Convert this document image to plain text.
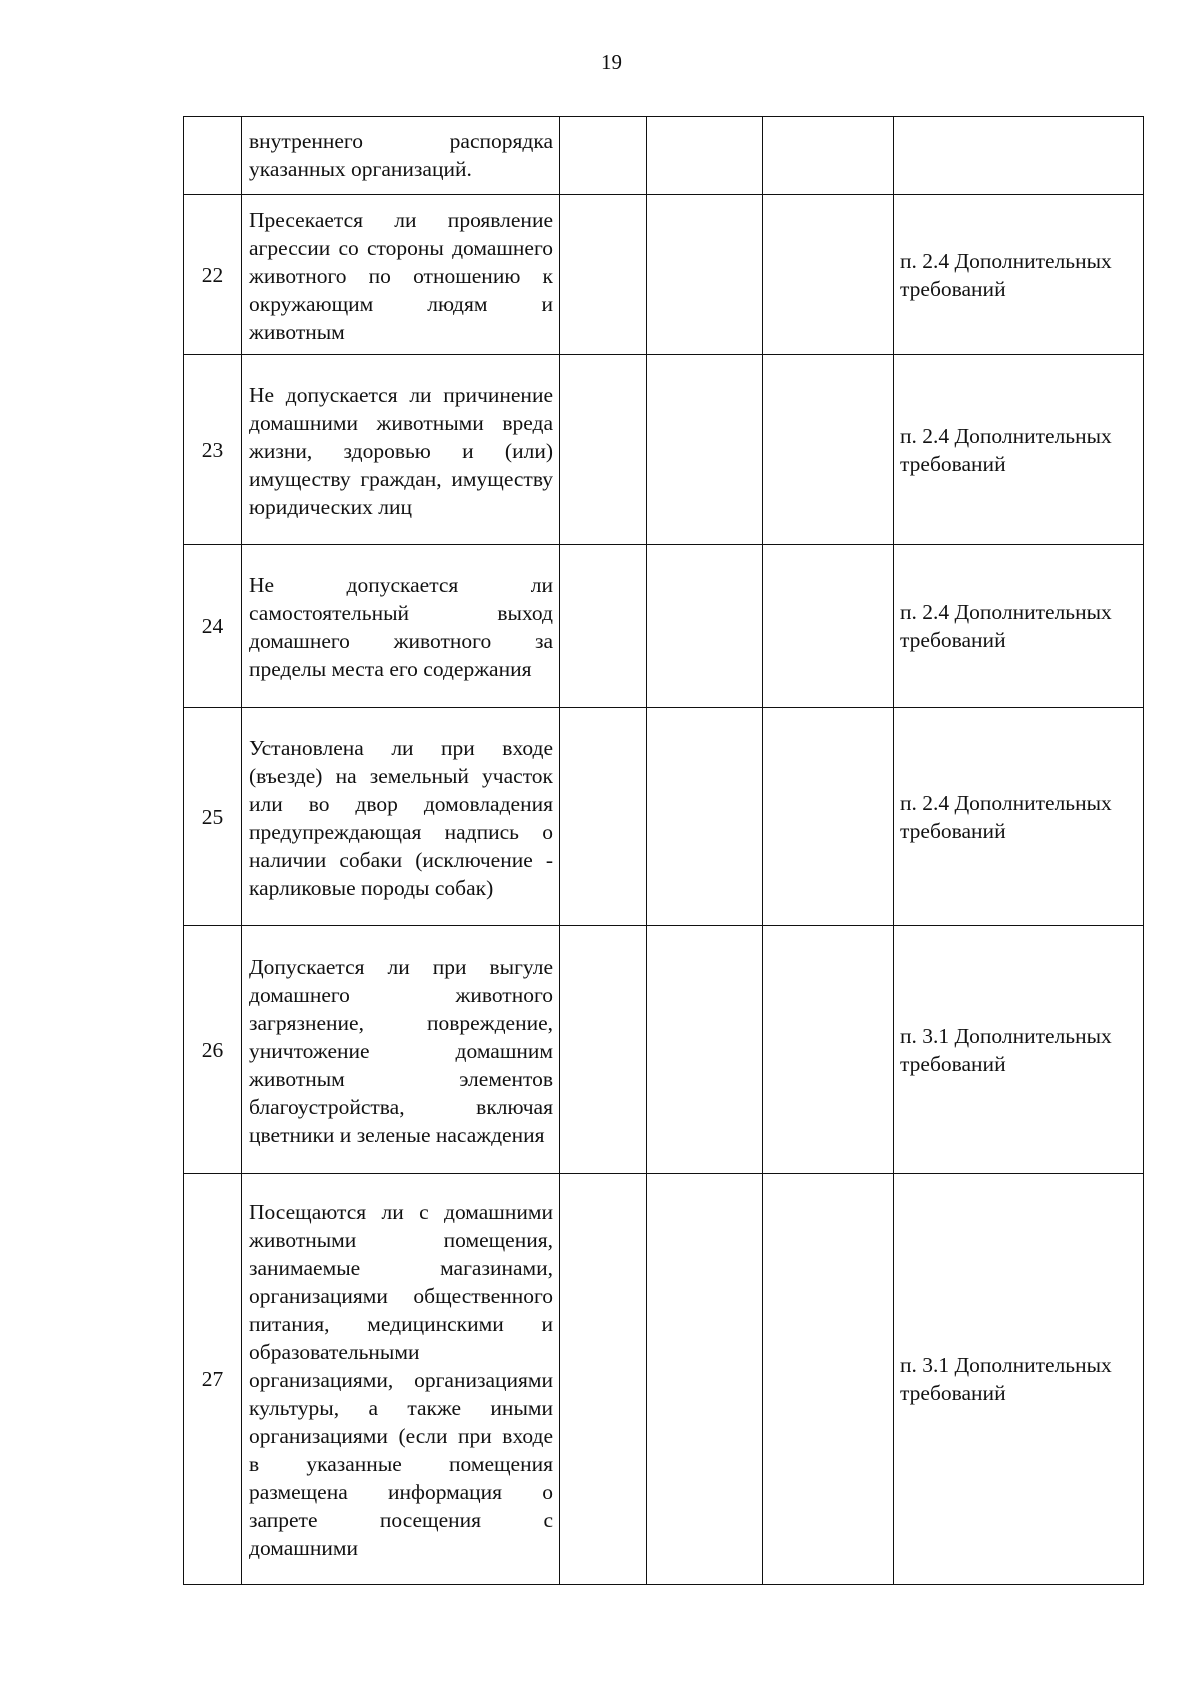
19

	внутреннего распорядка указанных организаций.				

22	Пресекается ли проявление агрессии со стороны домашнего животного по отношению к окружающим людям и животным				п. 2.4 Дополнительных требований
23	Не допускается ли причинение домашними животными вреда жизни, здоровью и (или) имуществу граждан, имуществу юридических лиц				п. 2.4 Дополнительных требований
24	Не допускается ли самостоятельный выход домашнего животного за пределы места его содержания				п. 2.4 Дополнительных требований
25	Установлена ли при входе (въезде) на земельный участок или во двор домовладения предупреждающая надпись о наличии собаки (исключение - карликовые породы собак)				п. 2.4 Дополнительных требований
26	Допускается ли при выгуле домашнего животного загрязнение, повреждение, уничтожение домашним животным элементов благоустройства, включая цветники и зеленые насаждения				п. 3.1 Дополнительных требований
27	Посещаются ли с домашними животными помещения, занимаемые магазинами, организациями общественного питания, медицинскими и образовательными организациями, организациями культуры, а также иными организациями (если при входе в указанные помещения размещена информация о запрете посещения с домашними				п. 3.1 Дополнительных требований
